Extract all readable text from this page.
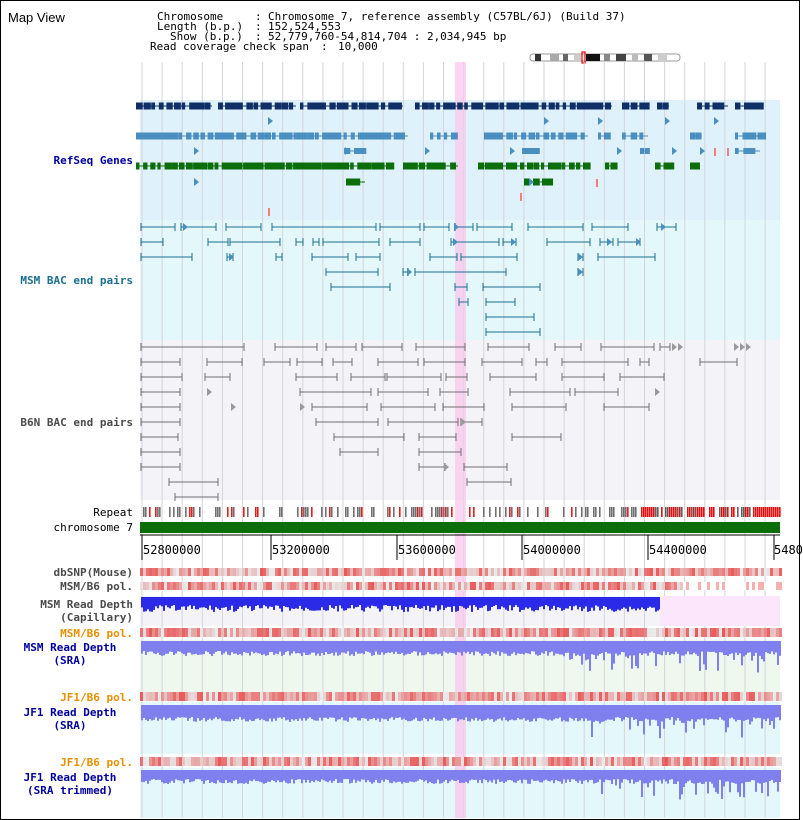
Map View	Chromosome	: Chromosome 7, reference assembly (C57BL/6J) (Build 37)
Length (b.p.) : 152,524,553
Show (b.p.) : 52,779,760-54,814,704 : 2,034,945 bp
Read coverage check span : 10,000
RefSeq Genes
MSM BAC end pairs
B6N BAC end pairs
Repeat
chromosome 7
dbSNP(Mouse)
MSM/B6 pol.
MSM Read Depth
(Capillary)
MSM/B6 pol.
MSM Read Depth
(SRA)
JF1/B6 pol.
JF1 Read Depth
(SRA)
JF1/B6 pol.
JF1 Read Depth
(SRA trimmed)
52800000	53200000	53600000	54000000	54400000	5480
